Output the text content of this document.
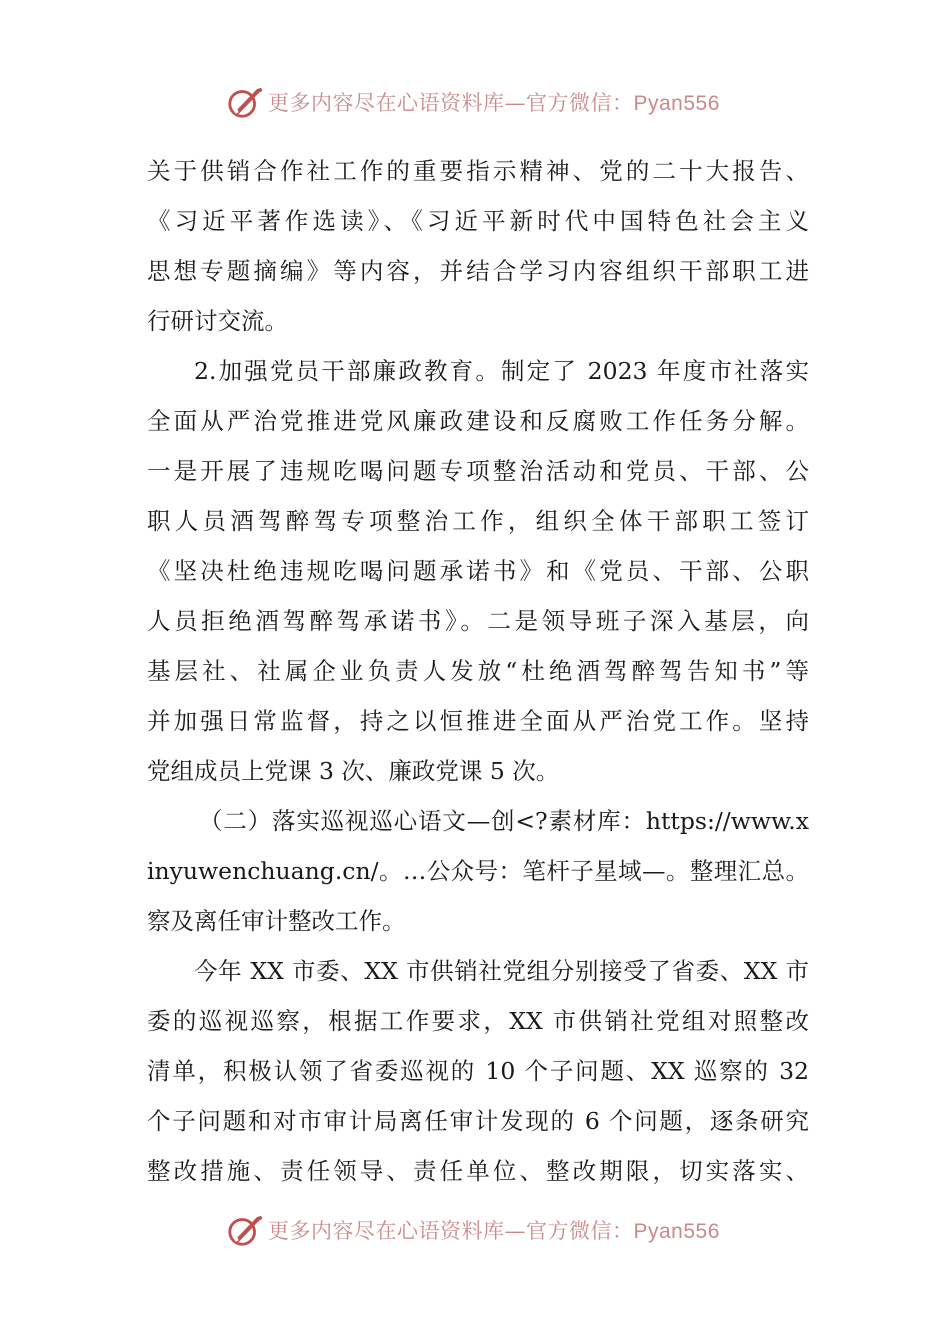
更多内容尽在心语资料库—官方微信：Pyan556
关于供销合作社工作的重要指示精神、党的二十大报告、
《习近平著作选读》、《习近平新时代中国特色社会主义
思想专题摘编》等内容，并结合学习内容组织干部职工进
行研讨交流。
2.加强党员干部廉政教育。制定了 2023 年度市社落实
全面从严治党推进党风廉政建设和反腐败工作任务分解。
一是开展了违规吃喝问题专项整治活动和党员、干部、公
职人员酒驾醉驾专项整治工作，组织全体干部职工签订
《坚决杜绝违规吃喝问题承诺书》和《党员、干部、公职
人员拒绝酒驾醉驾承诺书》。二是领导班子深入基层，向
基层社、社属企业负责人发放“杜绝酒驾醉驾告知书”等
并加强日常监督，持之以恒推进全面从严治党工作。坚持
党组成员上党课 3 次、廉政党课 5 次。
（二）落实巡视巡心语文—创<?素材库：https://www.x
inyuwenchuang.cn/。…公众号：笔杆子星域—。整理汇总。
察及离任审计整改工作。
今年 XX 市委、XX 市供销社党组分别接受了省委、XX 市
委的巡视巡察，根据工作要求，XX 市供销社党组对照整改
清单，积极认领了省委巡视的 10 个子问题、XX 巡察的 32
个子问题和对市审计局离任审计发现的 6 个问题，逐条研究
整改措施、责任领导、责任单位、整改期限，切实落实、
更多内容尽在心语资料库—官方微信：Pyan556
